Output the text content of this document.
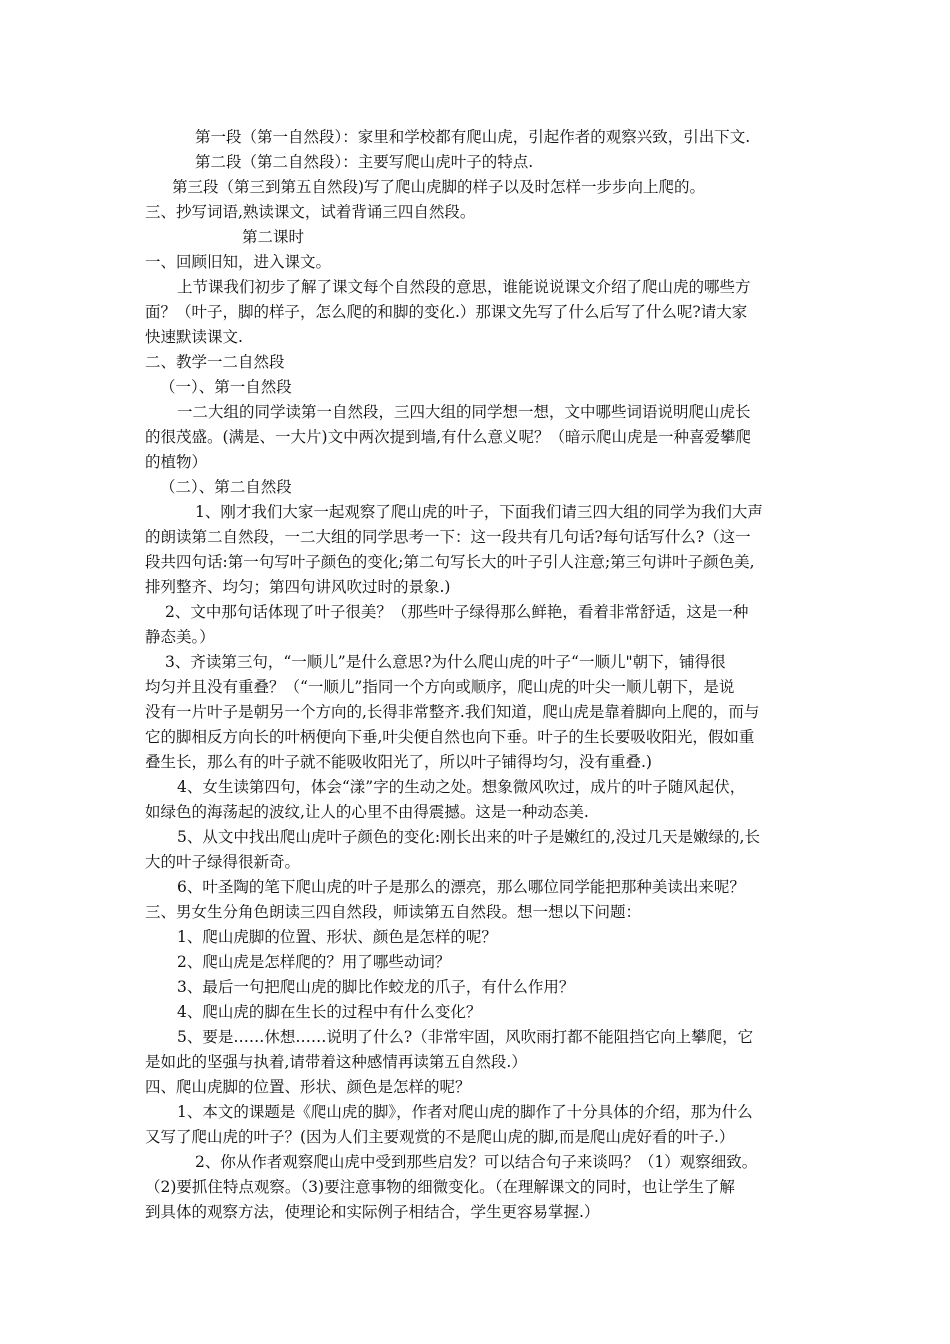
第一段（第一自然段）：家里和学校都有爬山虎，引起作者的观察兴致，引出下文.
第二段（第二自然段）：主要写爬山虎叶子的特点.
第三段（第三到第五自然段)写了爬山虎脚的样子以及时怎样一步步向上爬的。
三、抄写词语,熟读课文，试着背诵三四自然段。
第二课时
一、回顾旧知，进入课文。
上节课我们初步了解了课文每个自然段的意思，谁能说说课文介绍了爬山虎的哪些方
面？（叶子，脚的样子，怎么爬的和脚的变化.）那课文先写了什么后写了什么呢?请大家
快速默读课文.
二、教学一二自然段
（一）、第一自然段
一二大组的同学读第一自然段，三四大组的同学想一想，文中哪些词语说明爬山虎长
的很茂盛。(满是、一大片)文中两次提到墙,有什么意义呢？（暗示爬山虎是一种喜爱攀爬
的植物）
（二）、第二自然段
1、刚才我们大家一起观察了爬山虎的叶子，下面我们请三四大组的同学为我们大声
的朗读第二自然段，一二大组的同学思考一下：这一段共有几句话?每句话写什么?（这一
段共四句话:第一句写叶子颜色的变化;第二句写长大的叶子引人注意;第三句讲叶子颜色美,
排列整齐、均匀；第四句讲风吹过时的景象.)
2、文中那句话体现了叶子很美？（那些叶子绿得那么鲜艳，看着非常舒适，这是一种
静态美。）
3、齐读第三句，“一顺儿”是什么意思?为什么爬山虎的叶子“一顺儿"朝下，铺得很
均匀并且没有重叠？（“一顺儿”指同一个方向或顺序，爬山虎的叶尖一顺儿朝下，是说
没有一片叶子是朝另一个方向的,长得非常整齐.我们知道，爬山虎是靠着脚向上爬的，而与
它的脚相反方向长的叶柄便向下垂,叶尖便自然也向下垂。叶子的生长要吸收阳光，假如重
叠生长，那么有的叶子就不能吸收阳光了，所以叶子铺得均匀，没有重叠.)
4、女生读第四句，体会“漾”字的生动之处。想象微风吹过，成片的叶子随风起伏，
如绿色的海荡起的波纹,让人的心里不由得震撼。这是一种动态美.
5、从文中找出爬山虎叶子颜色的变化:刚长出来的叶子是嫩红的,没过几天是嫩绿的,长
大的叶子绿得很新奇。
6、叶圣陶的笔下爬山虎的叶子是那么的漂亮，那么哪位同学能把那种美读出来呢？
三、男女生分角色朗读三四自然段，师读第五自然段。想一想以下问题：
1、爬山虎脚的位置、形状、颜色是怎样的呢？
2、爬山虎是怎样爬的？用了哪些动词？
3、最后一句把爬山虎的脚比作蛟龙的爪子，有什么作用？
4、爬山虎的脚在生长的过程中有什么变化？
5、要是……休想……说明了什么?（非常牢固，风吹雨打都不能阻挡它向上攀爬，它
是如此的坚强与执着,请带着这种感情再读第五自然段.）
四、爬山虎脚的位置、形状、颜色是怎样的呢？
1、本文的课题是《爬山虎的脚》，作者对爬山虎的脚作了十分具体的介绍，那为什么
又写了爬山虎的叶子？(因为人们主要观赏的不是爬山虎的脚,而是爬山虎好看的叶子.）
2、你从作者观察爬山虎中受到那些启发？可以结合句子来谈吗？（1）观察细致。
（2)要抓住特点观察。（3)要注意事物的细微变化。（在理解课文的同时，也让学生了解
到具体的观察方法，使理论和实际例子相结合，学生更容易掌握.）
